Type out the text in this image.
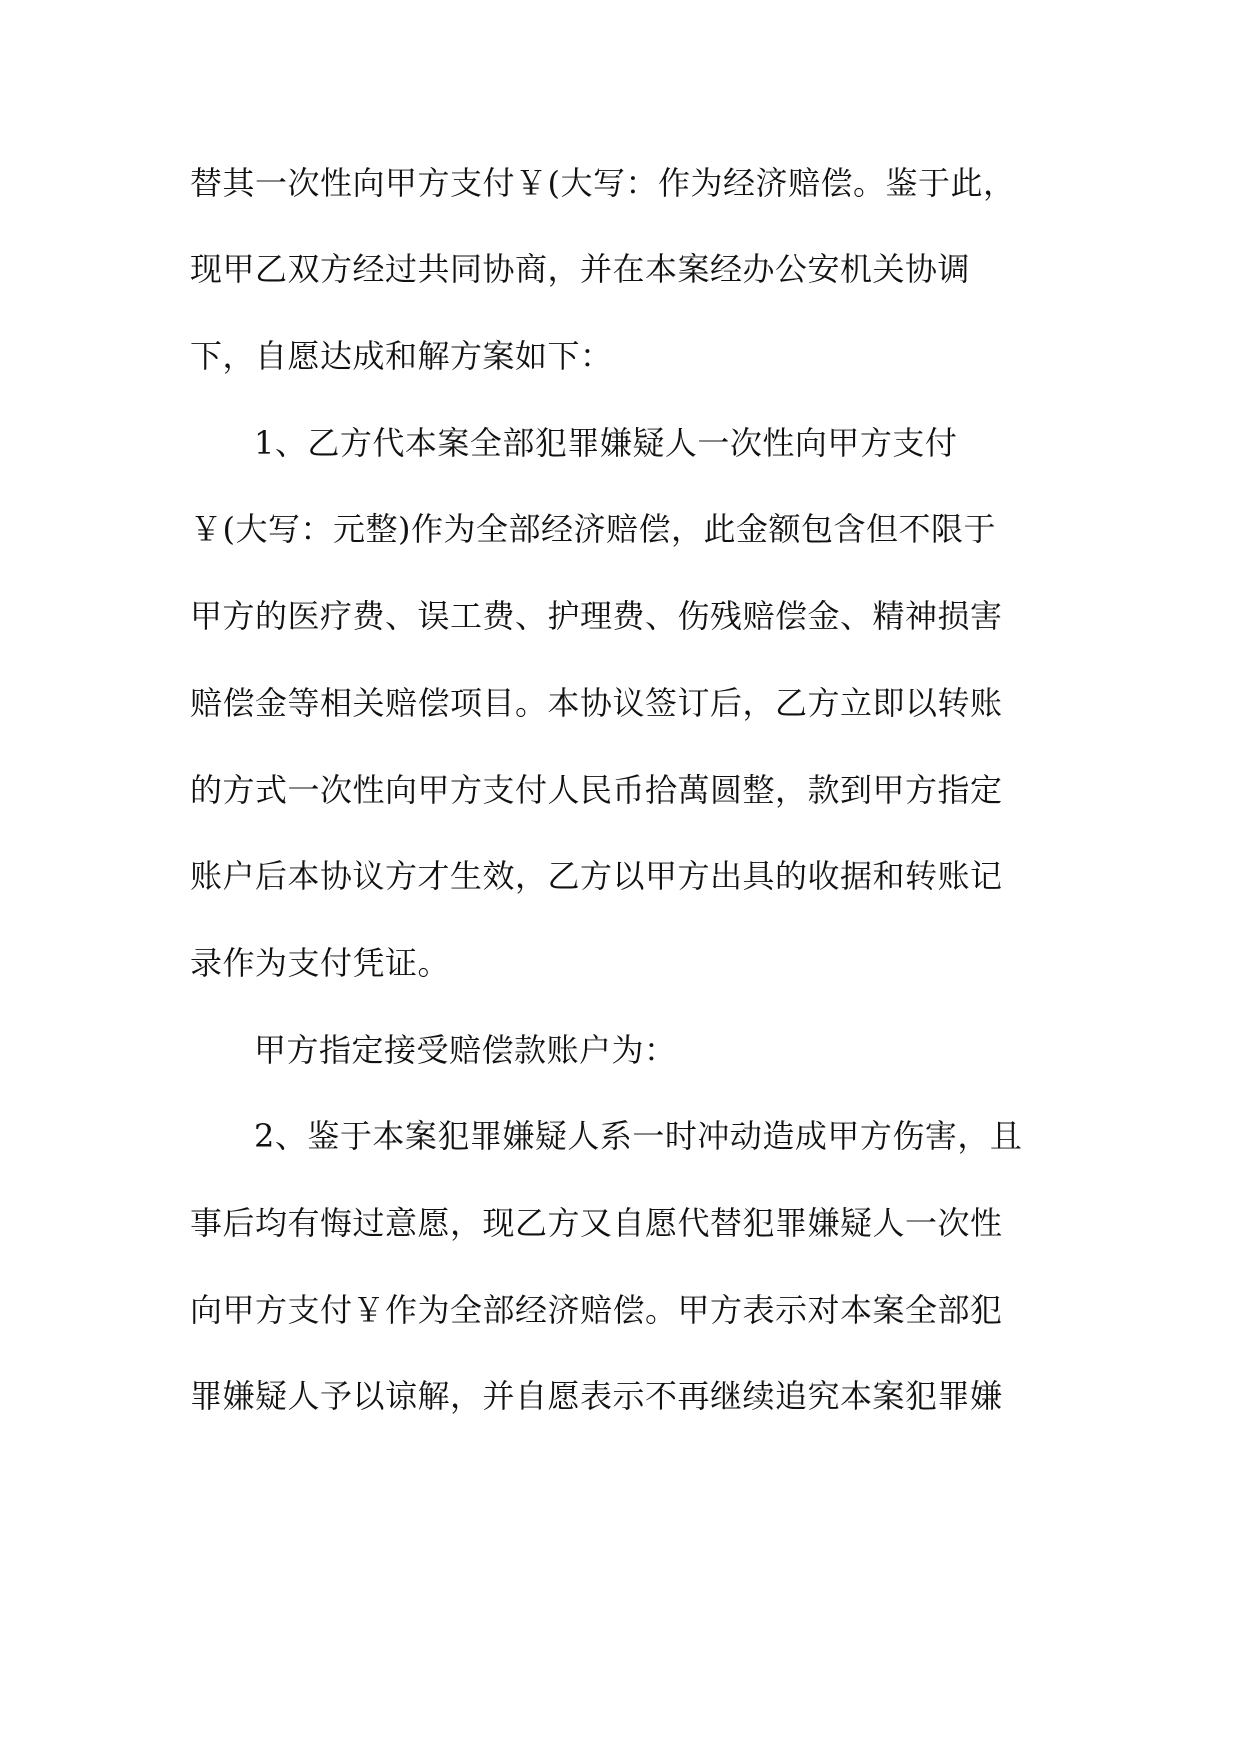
替其一次性向甲方支付￥(大写：作为经济赔偿。鉴于此，
现甲乙双方经过共同协商，并在本案经办公安机关协调
下，自愿达成和解方案如下：
1、乙方代本案全部犯罪嫌疑人一次性向甲方支付
￥(大写：元整)作为全部经济赔偿，此金额包含但不限于
甲方的医疗费、误工费、护理费、伤残赔偿金、精神损害
赔偿金等相关赔偿项目。本协议签订后，乙方立即以转账
的方式一次性向甲方支付人民币拾萬圆整，款到甲方指定
账户后本协议方才生效，乙方以甲方出具的收据和转账记
录作为支付凭证。
甲方指定接受赔偿款账户为：
2、鉴于本案犯罪嫌疑人系一时冲动造成甲方伤害，且
事后均有悔过意愿，现乙方又自愿代替犯罪嫌疑人一次性
向甲方支付￥作为全部经济赔偿。甲方表示对本案全部犯
罪嫌疑人予以谅解，并自愿表示不再继续追究本案犯罪嫌
